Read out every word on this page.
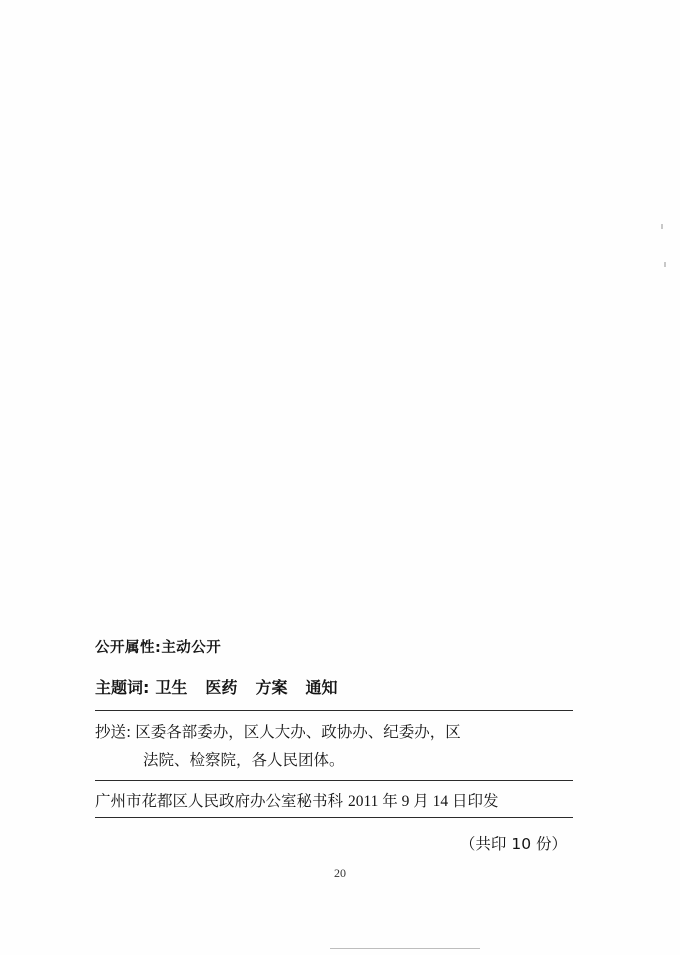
公开属性:主动公开

主题词: 卫生 医药 方案 通知

抄送: 区委各部委办，区人大办、政协办、纪委办，区
法院、检察院，各人民团体。
广州市花都区人民政府办公室秘书科 2011 年 9 月 14 日印发
（共印 10 份）
20
